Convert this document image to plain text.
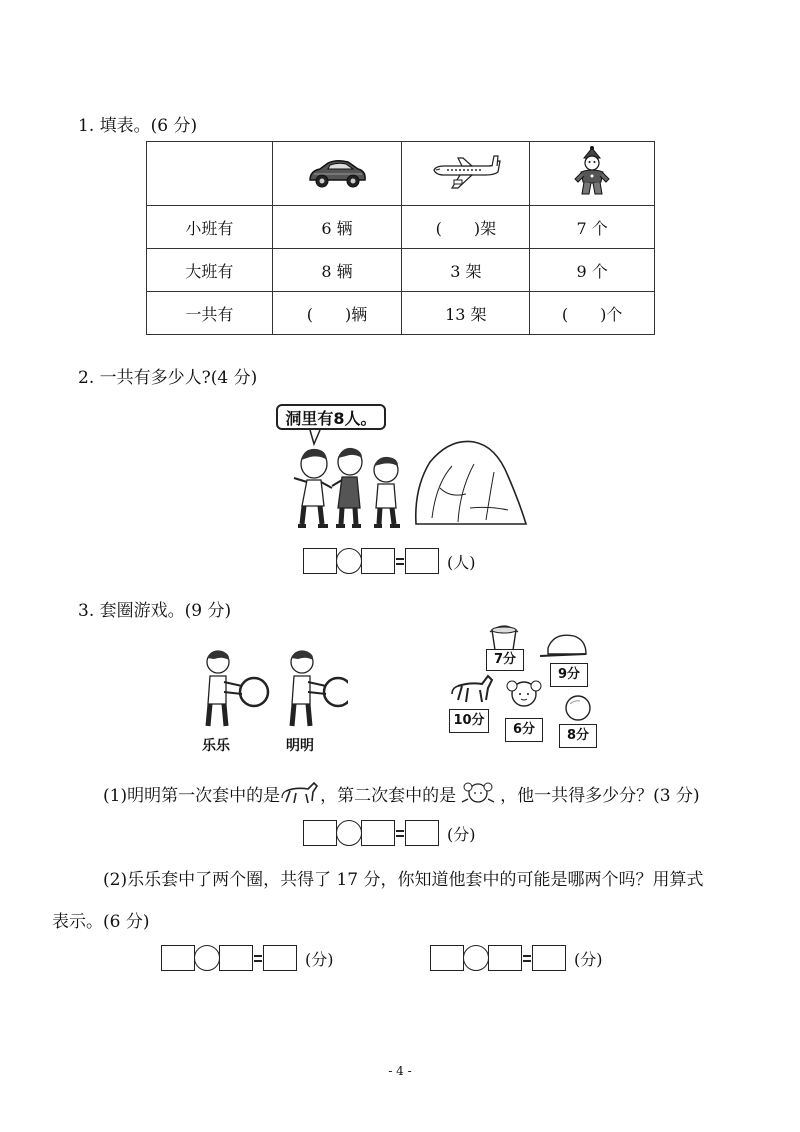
1. 填表。(6 分)

小班有	6 辆	(　　)架	7 个
大班有	8 辆	3 架	9 个
一共有	(　　)辆	13 架	(　　)个
2. 一共有多少人?(4 分)
洞里有8人。
(人)
3. 套圈游戏。(9 分)
乐乐	明明
7分
9分
10分
6分	8分
(1)明明第一次套中的是 ，第二次套中的是	，他一共得多少分？(3 分)
(分)
(2)乐乐套中了两个圈，共得了 17 分，你知道他套中的可能是哪两个吗？用算式
表示。(6 分)
(分)	(分)
- 4 -
